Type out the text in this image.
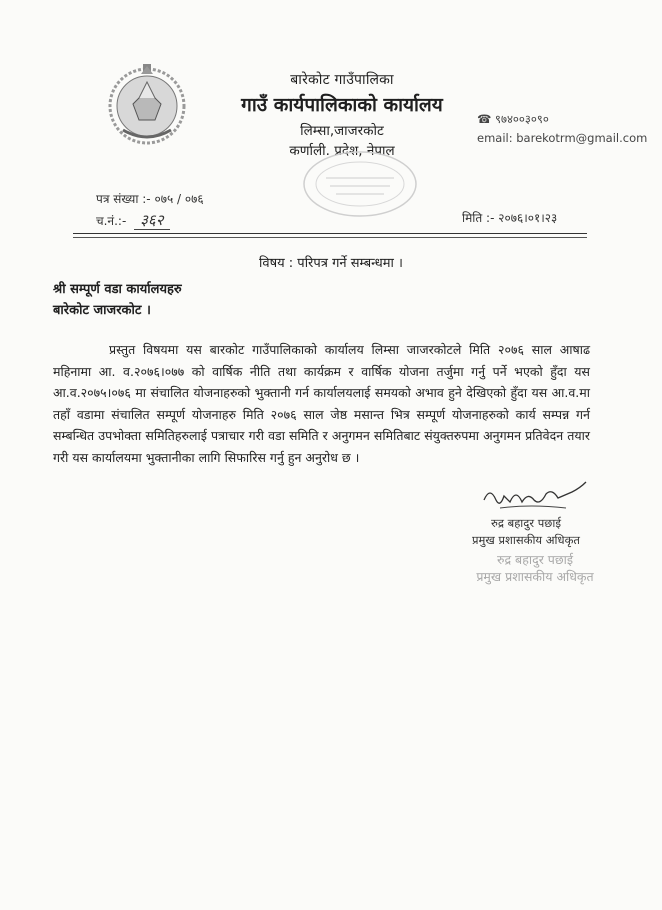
बारेकोट गाउँपालिका
गाउँ कार्यपालिकाको कार्यालय
लिम्सा,जाजरकोट
कर्णाली. प्रदेश, नेपाल
☎ ९७४००३०९०
email: barekotrm@gmail.com
पत्र संख्या :- ०७५ / ०७६
च.नं.:- ३६२	मिति :- २०७६।०१।२३
विषय : परिपत्र गर्ने सम्बन्धमा ।
श्री सम्पूर्ण वडा कार्यालयहरु
बारेकोट जाजरकोट ।
प्रस्तुत विषयमा यस बारकोट गाउँपालिकाको कार्यालय लिम्सा जाजरकोटले मिति २०७६ साल आषाढ महिनामा आ. व.२०७६।०७७ को वार्षिक नीति तथा कार्यक्रम र वार्षिक योजना तर्जुमा गर्नु पर्ने भएको हुँदा यस आ.व.२०७५।०७६ मा संचालित योजनाहरुको भुक्तानी गर्न कार्यालयलाई समयको अभाव हुने देखिएको हुँदा यस आ.व.मा तहाँ वडामा संचालित सम्पूर्ण योजनाहरु मिति २०७६ साल जेष्ठ मसान्त भित्र सम्पूर्ण योजनाहरुको कार्य सम्पन्न गर्न सम्बन्धित उपभोक्ता समितिहरुलाई पत्राचार गरी वडा समिति र अनुगमन समितिबाट संयुक्तरुपमा अनुगमन प्रतिवेदन तयार गरी यस कार्यालयमा भुक्तानीका लागि सिफारिस गर्नु हुन अनुरोध छ ।
रुद्र बहादुर पछाई
प्रमुख प्रशासकीय अधिकृत
रुद्र बहादुर पछाई
प्रमुख प्रशासकीय अधिकृत
